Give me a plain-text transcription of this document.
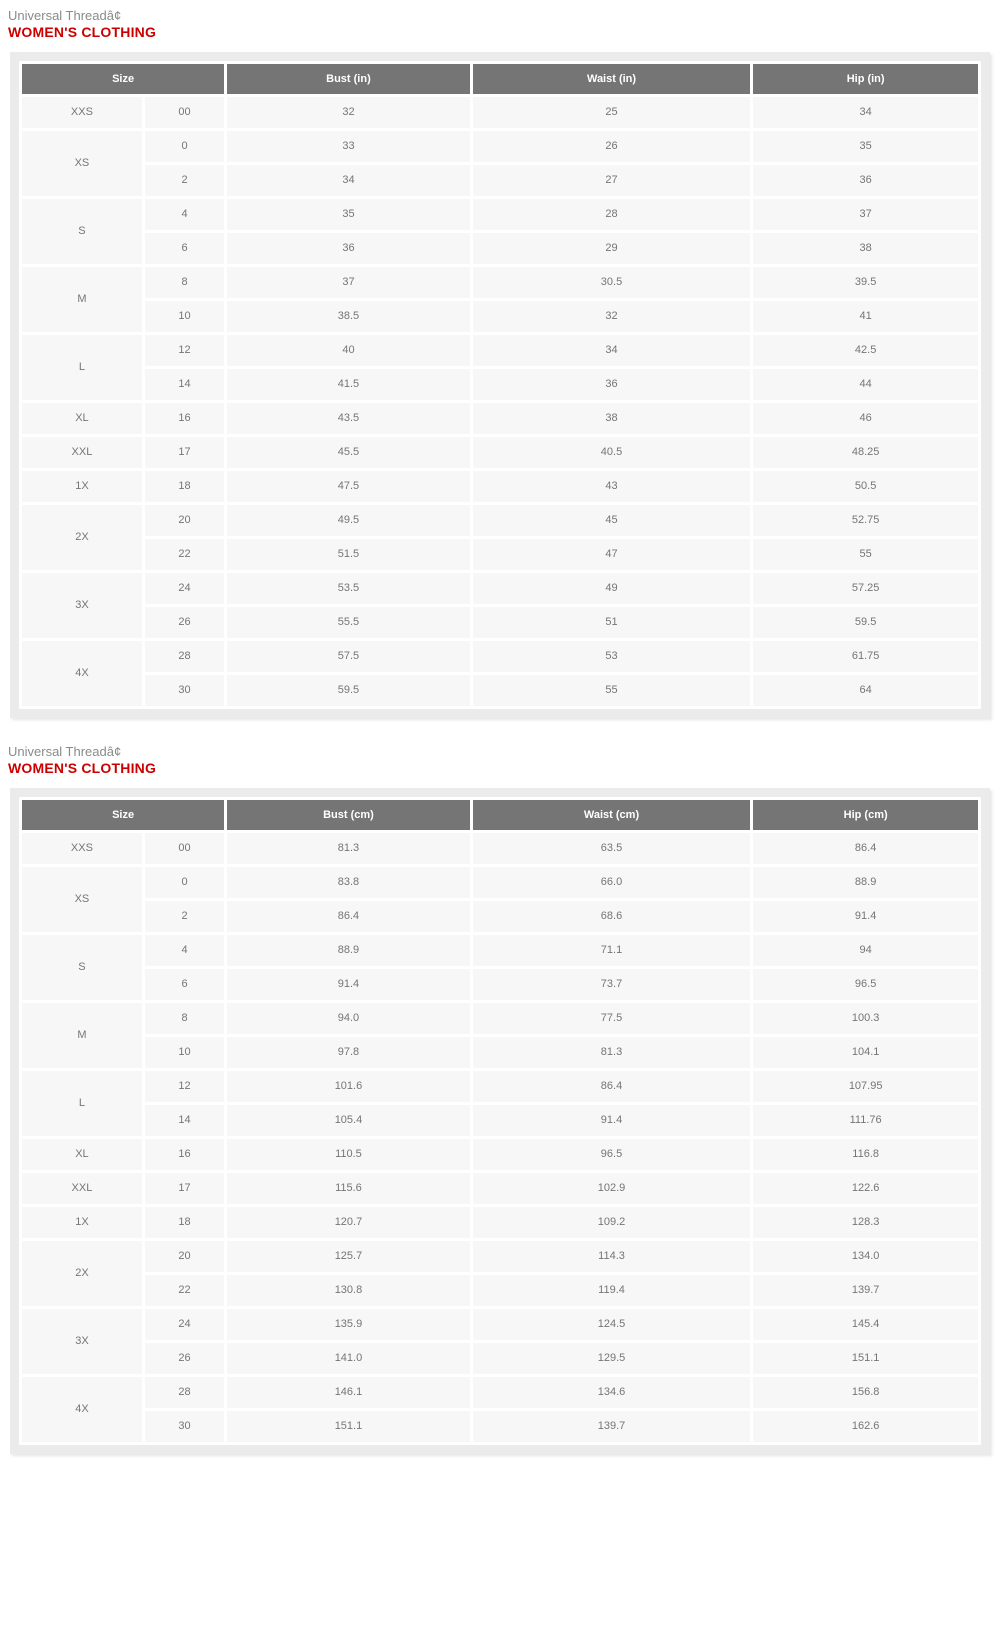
Universal Threadâ¢
WOMEN'S CLOTHING
Size		Bust (in)	Waist (in)	Hip (in)
XXS	00	32	25	34
XS	0	33	26	35
	2	34	27	36
S	4	35	28	37
	6	36	29	38
M	8	37	30.5	39.5
	10	38.5	32	41
L	12	40	34	42.5
	14	41.5	36	44
XL	16	43.5	38	46
XXL	17	45.5	40.5	48.25
1X	18	47.5	43	50.5
2X	20	49.5	45	52.75
	22	51.5	47	55
3X	24	53.5	49	57.25
	26	55.5	51	59.5
4X	28	57.5	53	61.75
	30	59.5	55	64
Universal Threadâ¢
WOMEN'S CLOTHING
Size		Bust (cm)	Waist (cm)	Hip (cm)
XXS	00	81.3	63.5	86.4
XS	0	83.8	66.0	88.9
	2	86.4	68.6	91.4
S	4	88.9	71.1	94
	6	91.4	73.7	96.5
M	8	94.0	77.5	100.3
	10	97.8	81.3	104.1
L	12	101.6	86.4	107.95
	14	105.4	91.4	111.76
XL	16	110.5	96.5	116.8
XXL	17	115.6	102.9	122.6
1X	18	120.7	109.2	128.3
2X	20	125.7	114.3	134.0
	22	130.8	119.4	139.7
3X	24	135.9	124.5	145.4
	26	141.0	129.5	151.1
4X	28	146.1	134.6	156.8
	30	151.1	139.7	162.6
